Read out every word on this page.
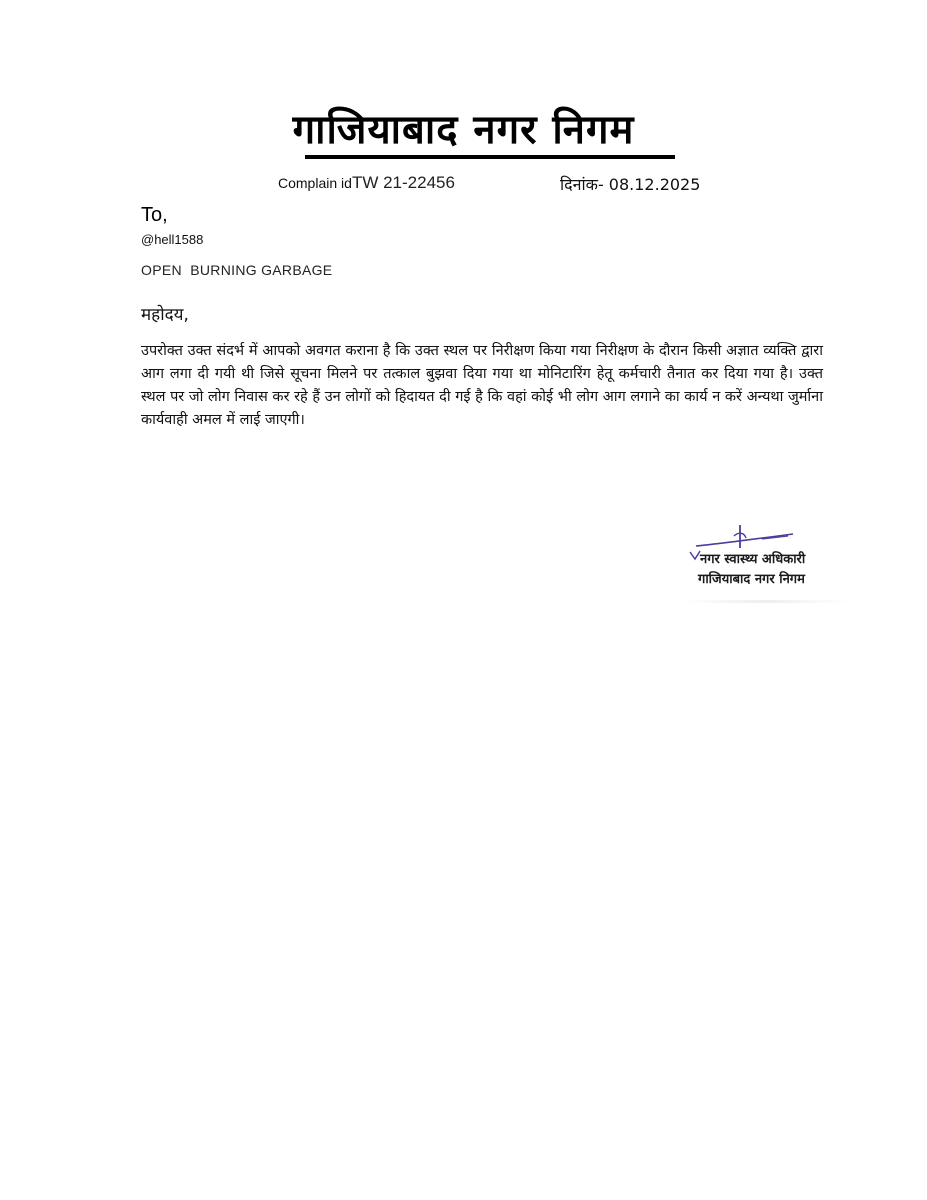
गाजियाबाद नगर निगम
Complain idTW 21-22456	दिनांक- 08.12.2025
To,
@hell1588
OPEN  BURNING GARBAGE
महोदय,
उपरोक्त उक्त संदर्भ में आपको अवगत कराना है कि उक्त स्थल पर निरीक्षण किया गया निरीक्षण के दौरान किसी अज्ञात व्यक्ति द्वारा आग लगा दी गयी थी जिसे सूचना मिलने पर तत्काल बुझवा दिया गया था मोनिटारिंग हेतू कर्मचारी तैनात कर दिया गया है। उक्त स्थल पर जो लोग निवास कर रहे हैं उन लोगों को हिदायत दी गई है कि वहां कोई भी लोग आग लगाने का कार्य न करें अन्यथा जुर्माना कार्यवाही अमल में लाई जाएगी।
नगर स्वास्थ्य अधिकारी
गाजियाबाद नगर निगम
